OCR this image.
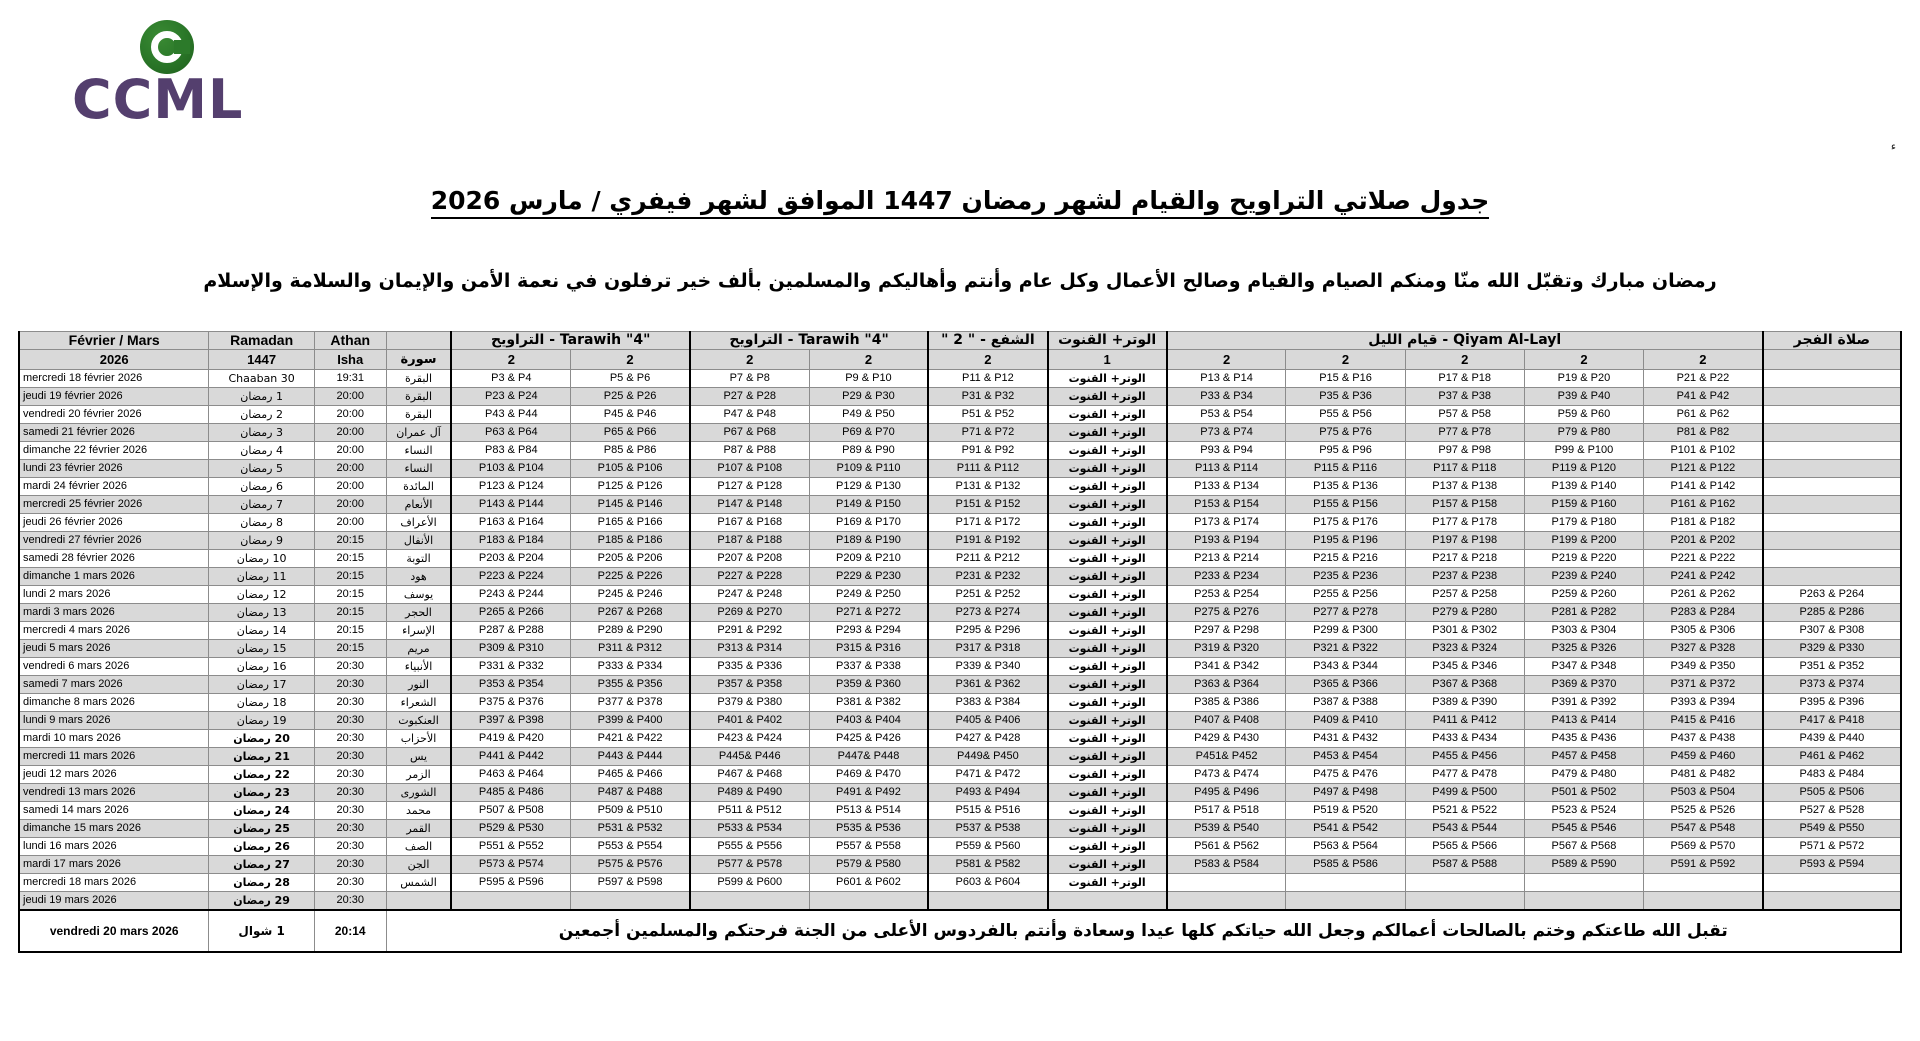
CCML
ء
جدول صلاتي التراويح والقيام لشهر رمضان 1447 الموافق لشهر فيفري / مارس 2026
رمضان مبارك وتقبّل الله منّا ومنكم الصيام والقيام وصالح الأعمال وكل عام وأنتم وأهاليكم والمسلمين بألف خير ترفلون في نعمة الأمن والإيمان والسلامة والإسلام
Février / Mars	Ramadan	Athan		"4" Tarawih - التراويح		"4" Tarawih - التراويح		الشفع - " 2 "	الوتر+ القنوت	Qiyam Al-Layl - قيام الليل					صلاة الفجر
2026	1447	Isha	سورة	2	2	2	2	2	1	2	2	2	2	2	
mercredi 18 février 2026	Chaaban 30	19:31	البقرة	P3 & P4	P5 & P6	P7 & P8	P9 & P10	P11 & P12	الوتر+ القنوت	P13 & P14	P15 & P16	P17 & P18	P19 & P20	P21 & P22	
jeudi 19 février 2026	1 رمضان	20:00	البقرة	P23 & P24	P25 & P26	P27 & P28	P29 & P30	P31 & P32	الوتر+ القنوت	P33 & P34	P35 & P36	P37 & P38	P39 & P40	P41 & P42	
vendredi 20 février 2026	2 رمضان	20:00	البقرة	P43 & P44	P45 & P46	P47 & P48	P49 & P50	P51 & P52	الوتر+ القنوت	P53 & P54	P55 & P56	P57 & P58	P59 & P60	P61 & P62	
samedi 21 février 2026	3 رمضان	20:00	آل عمران	P63 & P64	P65 & P66	P67 & P68	P69 & P70	P71 & P72	الوتر+ القنوت	P73 & P74	P75 & P76	P77 & P78	P79 & P80	P81 & P82	
dimanche 22 février 2026	4 رمضان	20:00	النساء	P83 & P84	P85 & P86	P87 & P88	P89 & P90	P91 & P92	الوتر+ القنوت	P93 & P94	P95 & P96	P97 & P98	P99 & P100	P101 & P102	
lundi 23 février 2026	5 رمضان	20:00	النساء	P103 & P104	P105 & P106	P107 & P108	P109 & P110	P111 & P112	الوتر+ القنوت	P113 & P114	P115 & P116	P117 & P118	P119 & P120	P121 & P122	
mardi 24 février 2026	6 رمضان	20:00	المائدة	P123 & P124	P125 & P126	P127 & P128	P129 & P130	P131 & P132	الوتر+ القنوت	P133 & P134	P135 & P136	P137 & P138	P139 & P140	P141 & P142	
mercredi 25 février 2026	7 رمضان	20:00	الأنعام	P143 & P144	P145 & P146	P147 & P148	P149 & P150	P151 & P152	الوتر+ القنوت	P153 & P154	P155 & P156	P157 & P158	P159 & P160	P161 & P162	
jeudi 26 février 2026	8 رمضان	20:00	الأعراف	P163 & P164	P165 & P166	P167 & P168	P169 & P170	P171 & P172	الوتر+ القنوت	P173 & P174	P175 & P176	P177 & P178	P179 & P180	P181 & P182	
vendredi 27 février 2026	9 رمضان	20:15	الأنفال	P183 & P184	P185 & P186	P187 & P188	P189 & P190	P191 & P192	الوتر+ القنوت	P193 & P194	P195 & P196	P197 & P198	P199 & P200	P201 & P202	
samedi 28 février 2026	10 رمضان	20:15	التوبة	P203 & P204	P205 & P206	P207 & P208	P209 & P210	P211 & P212	الوتر+ القنوت	P213 & P214	P215 & P216	P217 & P218	P219 & P220	P221 & P222	
dimanche 1 mars 2026	11 رمضان	20:15	هود	P223 & P224	P225 & P226	P227 & P228	P229 & P230	P231 & P232	الوتر+ القنوت	P233 & P234	P235 & P236	P237 & P238	P239 & P240	P241 & P242	
lundi 2 mars 2026	12 رمضان	20:15	يوسف	P243 & P244	P245 & P246	P247 & P248	P249 & P250	P251 & P252	الوتر+ القنوت	P253 & P254	P255 & P256	P257 & P258	P259 & P260	P261 & P262	P263 & P264
mardi 3 mars 2026	13 رمضان	20:15	الحجر	P265 & P266	P267 & P268	P269 & P270	P271 & P272	P273 & P274	الوتر+ القنوت	P275 & P276	P277 & P278	P279 & P280	P281 & P282	P283 & P284	P285 & P286
mercredi 4 mars 2026	14 رمضان	20:15	الإسراء	P287 & P288	P289 & P290	P291 & P292	P293 & P294	P295 & P296	الوتر+ القنوت	P297 & P298	P299 & P300	P301 & P302	P303 & P304	P305 & P306	P307 & P308
jeudi 5 mars 2026	15 رمضان	20:15	مريم	P309 & P310	P311 & P312	P313 & P314	P315 & P316	P317 & P318	الوتر+ القنوت	P319 & P320	P321 & P322	P323 & P324	P325 & P326	P327 & P328	P329 & P330
vendredi 6 mars 2026	16 رمضان	20:30	الأنبياء	P331 & P332	P333 & P334	P335 & P336	P337 & P338	P339 & P340	الوتر+ القنوت	P341 & P342	P343 & P344	P345 & P346	P347 & P348	P349 & P350	P351 & P352
samedi 7 mars 2026	17 رمضان	20:30	النور	P353 & P354	P355 & P356	P357 & P358	P359 & P360	P361 & P362	الوتر+ القنوت	P363 & P364	P365 & P366	P367 & P368	P369 & P370	P371 & P372	P373 & P374
dimanche 8 mars 2026	18 رمضان	20:30	الشعراء	P375 & P376	P377 & P378	P379 & P380	P381 & P382	P383 & P384	الوتر+ القنوت	P385 & P386	P387 & P388	P389 & P390	P391 & P392	P393 & P394	P395 & P396
lundi 9 mars 2026	19 رمضان	20:30	العنكبوت	P397 & P398	P399 & P400	P401 & P402	P403 & P404	P405 & P406	الوتر+ القنوت	P407 & P408	P409 & P410	P411 & P412	P413 & P414	P415 & P416	P417 & P418
mardi 10 mars 2026	20 رمضان	20:30	الأحزاب	P419 & P420	P421 & P422	P423 & P424	P425 & P426	P427 & P428	الوتر+ القنوت	P429 & P430	P431 & P432	P433 & P434	P435 & P436	P437 & P438	P439 & P440
mercredi 11 mars 2026	21 رمضان	20:30	يس	P441 & P442	P443 & P444	P445& P446	P447& P448	P449& P450	الوتر+ القنوت	P451& P452	P453 & P454	P455 & P456	P457 & P458	P459 & P460	P461 & P462
jeudi 12 mars 2026	22 رمضان	20:30	الزمر	P463 & P464	P465 & P466	P467 & P468	P469 & P470	P471 & P472	الوتر+ القنوت	P473 & P474	P475 & P476	P477 & P478	P479 & P480	P481 & P482	P483 & P484
vendredi 13 mars 2026	23 رمضان	20:30	الشورى	P485 & P486	P487 & P488	P489 & P490	P491 & P492	P493 & P494	الوتر+ القنوت	P495 & P496	P497 & P498	P499 & P500	P501 & P502	P503 & P504	P505 & P506
samedi 14 mars 2026	24 رمضان	20:30	محمد	P507 & P508	P509 & P510	P511 & P512	P513 & P514	P515 & P516	الوتر+ القنوت	P517 & P518	P519 & P520	P521 & P522	P523 & P524	P525 & P526	P527 & P528
dimanche 15 mars 2026	25 رمضان	20:30	القمر	P529 & P530	P531 & P532	P533 & P534	P535 & P536	P537 & P538	الوتر+ القنوت	P539 & P540	P541 & P542	P543 & P544	P545 & P546	P547 & P548	P549 & P550
lundi 16 mars 2026	26 رمضان	20:30	الصف	P551 & P552	P553 & P554	P555 & P556	P557 & P558	P559 & P560	الوتر+ القنوت	P561 & P562	P563 & P564	P565 & P566	P567 & P568	P569 & P570	P571 & P572
mardi 17 mars 2026	27 رمضان	20:30	الجن	P573 & P574	P575 & P576	P577 & P578	P579 & P580	P581 & P582	الوتر+ القنوت	P583 & P584	P585 & P586	P587 & P588	P589 & P590	P591 & P592	P593 & P594
mercredi 18 mars 2026	28 رمضان	20:30	الشمس	P595 & P596	P597 & P598	P599 & P600	P601 & P602	P603 & P604	الوتر+ القنوت						
jeudi 19 mars 2026	29 رمضان	20:30													
vendredi 20 mars 2026	1 شوال	20:14	تقبل الله طاعتكم وختم بالصالحات أعمالكم وجعل الله حياتكم كلها عيدا وسعادة وأنتم بالفردوس الأعلى من الجنة فرحتكم والمسلمين أجمعين												
